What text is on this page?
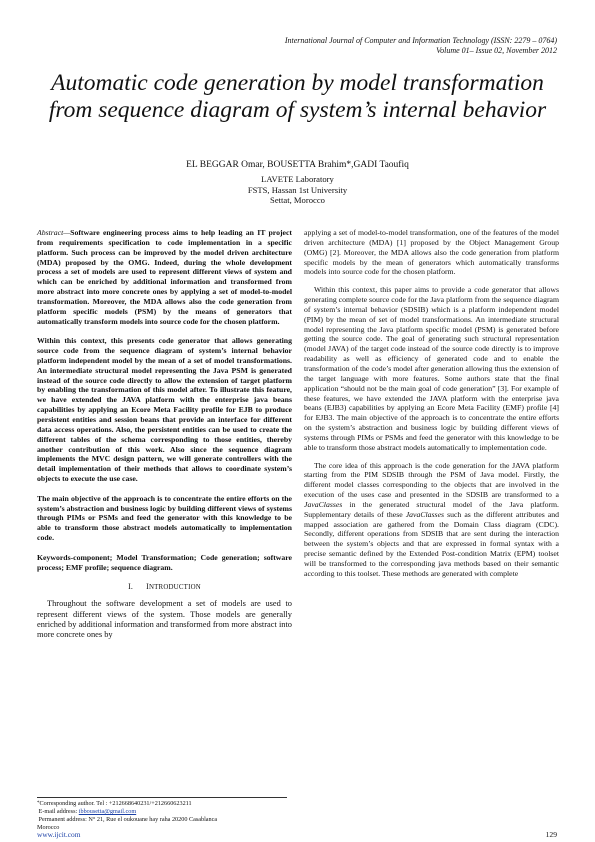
International Journal of Computer and Information Technology (ISSN: 2279 – 0764)
Volume 01– Issue 02, November 2012
Automatic code generation by model transformation
from sequence diagram of system’s internal behavior
EL BEGGAR Omar, BOUSETTA Brahim*,GADI Taoufiq
LAVETE Laboratory
FSTS, Hassan 1st University
Settat, Morocco

Abstract—Software engineering process aims to help leading an IT project from requirements specification to code implementation in a specific platform. Such process can be improved by the model driven architecture (MDA) proposed by the OMG. Indeed, during the whole development process a set of models are used to represent different views of system and which can be enriched by additional information and transformed from more abstract into more concrete ones by applying a set of model-to-model transformation. Moreover, the MDA allows also the code generation from platform specific models (PSM) by the means of generators that automatically transform models into source code for the chosen platform.

Within this context, this presents code generator that allows generating source code from the sequence diagram of system’s internal behavior platform independent model by the mean of a set of model transformations. An intermediate structural model representing the Java PSM is generated instead of the source code directly to allow the extension of target platform by enabling the transformation of this model after. To illustrate this feature, we have extended the JAVA platform with the enterprise java beans capabilities by applying an Ecore Meta Facility profile for EJB to produce persistent entities and session beans that provide an interface for different data access operations. Also, the persistent entities can be used to create the different tables of the schema corresponding to those entities, thereby another contribution of this work. Also since the sequence diagram implements the MVC design pattern, we will generate controllers with the detail implementation of their methods that allows to coordinate system’s objects to execute the use case.

The main objective of the approach is to concentrate the entire efforts on the system’s abstraction and business logic by building different views of systems through PIMs or PSMs and feed the generator with this knowledge to be able to transform those abstract models automatically to implementation code.

Keywords-component; Model Transformation; Code generation; software process; EMF profile; sequence diagram.

I. INTRODUCTION

Throughout the software development a set of models are used to represent different views of the system. Those models are generally enriched by additional information and transformed from more abstract into more concrete ones by

applying a set of model-to-model transformation, one of the features of the model driven architecture (MDA) [1] proposed by the Object Management Group (OMG) [2]. Moreover, the MDA allows also the code generation from platform specific models by the mean of generators which automatically transforms models into source code for the chosen platform.

Within this context, this paper aims to provide a code generator that allows generating complete source code for the Java platform from the sequence diagram of system’s internal behavior (SDSIB) which is a platform independent model (PIM) by the mean of set of model transformations. An intermediate structural model representing the Java platform specific model (PSM) is generated before getting the source code. The goal of generating such structural representation (model JAVA) of the target code instead of the source code directly is to improve readability as well as efficiency of generated code and to enable the transformation of the code’s model after generation allowing thus the extension of the target language with more features. Some authors state that the final application “should not be the main goal of code generation” [3]. For example of these features, we have extended the JAVA platform with the enterprise java beans (EJB3) capabilities by applying an Ecore Meta Facility (EMF) profile [4] for EJB3. The main objective of the approach is to concentrate the entire efforts on the system’s abstraction and business logic by building different views of systems through PIMs or PSMs and feed the generator with this knowledge to be able to transform those abstract models automatically to implementation code.

The core idea of this approach is the code generation for the JAVA platform starting from the PIM SDSIB through the PSM of Java model. Firstly, the different model classes corresponding to the objects that are involved in the execution of the uses case and presented in the SDSIB are transformed to a JavaClasses in the generated structural model of the Java platform. Supplementary details of these JavaClasses such as the different attributes and mapped association are gathered from the Domain Class diagram (CDC). Secondly, different operations from SDSIB that are sent during the interaction between the system’s objects and that are expressed in formal syntax with a precise semantic defined by the Extended Post-condition Matrix (EPM) toolset will be transformed to the corresponding java methods based on their semantic according to this toolset. These methods are generated with complete

*Corresponding author. Tel : +212668640231/+212660623211
E-mail address: ibbousetta@gmail.com
Permanent address: N° 21, Rue el oukouane hay raha 20200 Casablanca
Morocco
www.ijcit.com	129
